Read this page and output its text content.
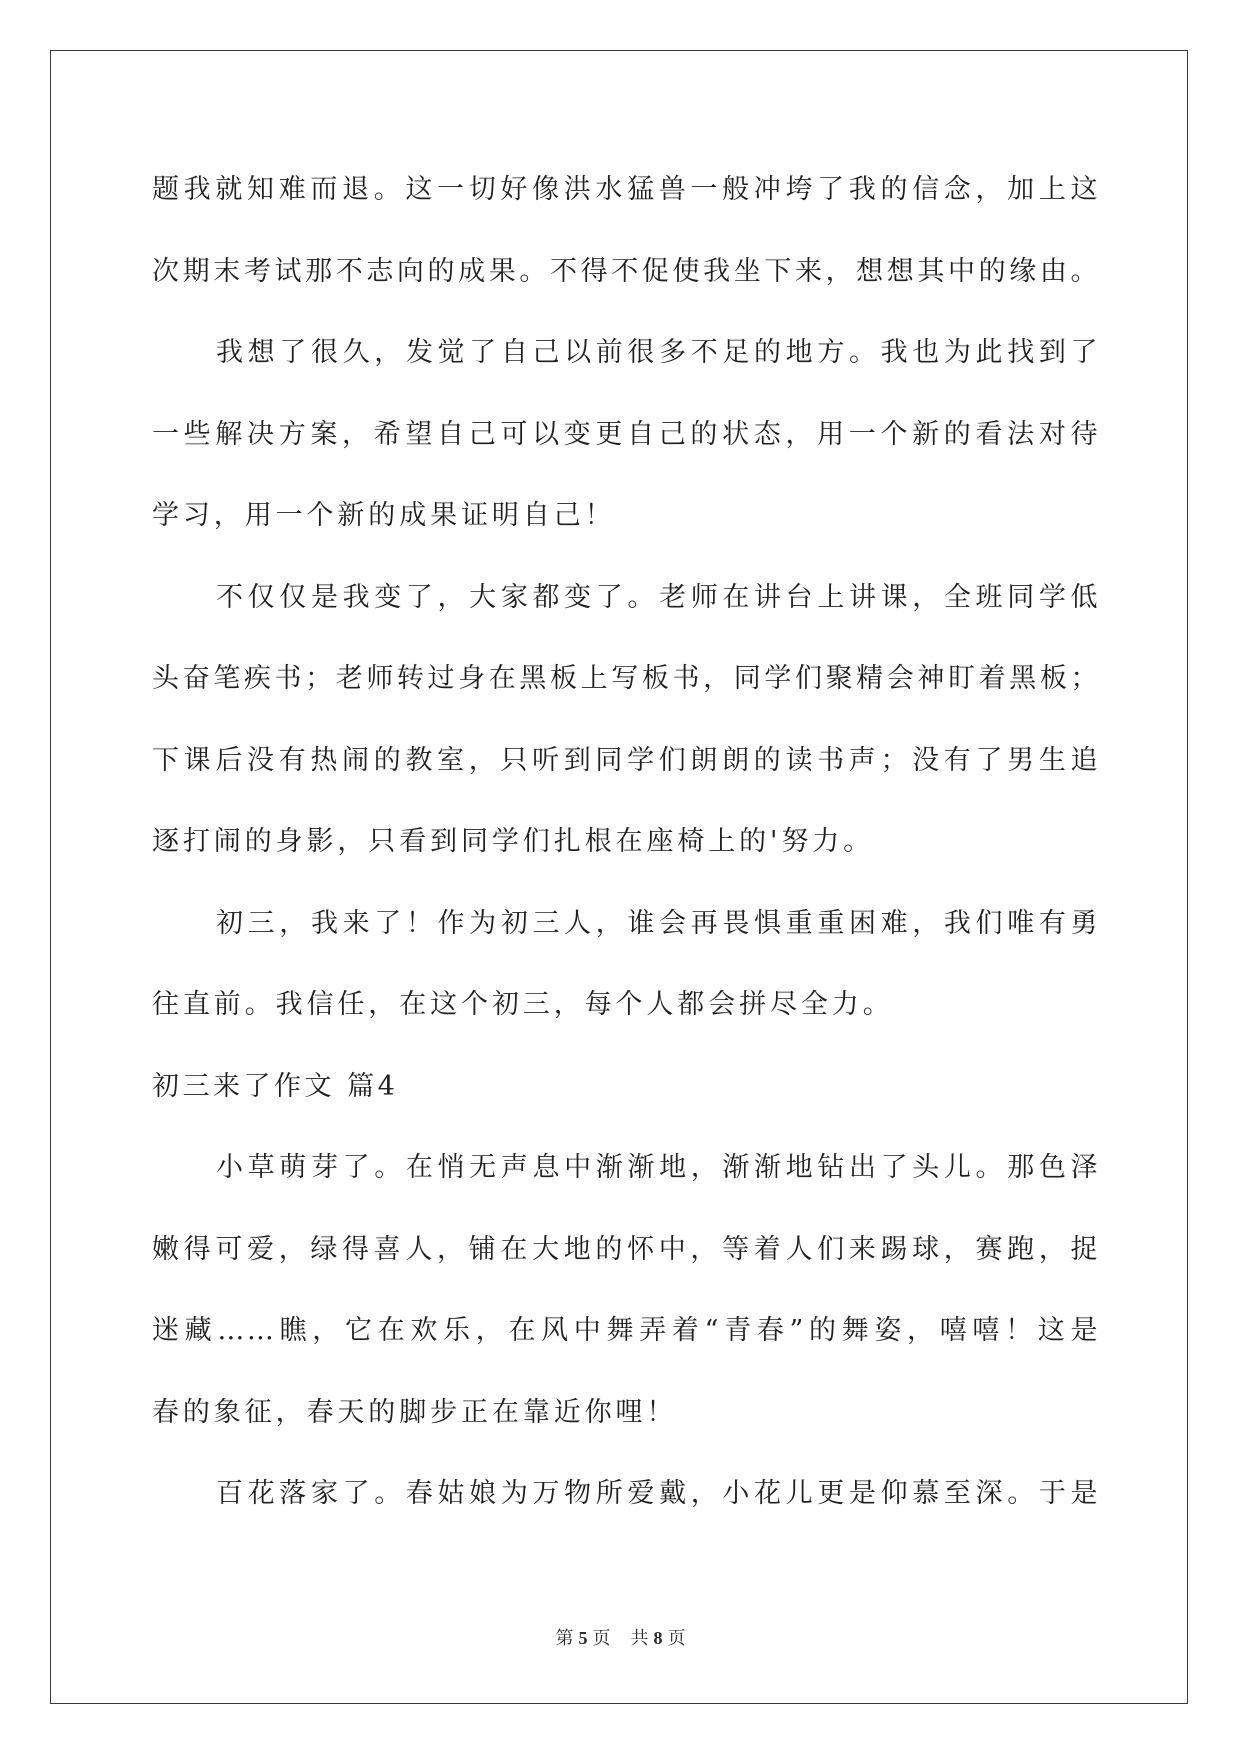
题我就知难而退。这一切好像洪水猛兽一般冲垮了我的信念，加上这
次期末考试那不志向的成果。不得不促使我坐下来，想想其中的缘由。
我想了很久，发觉了自己以前很多不足的地方。我也为此找到了
一些解决方案，希望自己可以变更自己的状态，用一个新的看法对待
学习，用一个新的成果证明自己！
不仅仅是我变了，大家都变了。老师在讲台上讲课，全班同学低
头奋笔疾书；老师转过身在黑板上写板书，同学们聚精会神盯着黑板；
下课后没有热闹的教室，只听到同学们朗朗的读书声；没有了男生追
逐打闹的身影，只看到同学们扎根在座椅上的'努力。
初三，我来了！作为初三人，谁会再畏惧重重困难，我们唯有勇
往直前。我信任，在这个初三，每个人都会拼尽全力。
初三来了作文 篇4
小草萌芽了。在悄无声息中渐渐地，渐渐地钻出了头儿。那色泽
嫩得可爱，绿得喜人，铺在大地的怀中，等着人们来踢球，赛跑，捉
迷藏……瞧，它在欢乐，在风中舞弄着“青春”的舞姿，嘻嘻！这是
春的象征，春天的脚步正在靠近你哩！
百花落家了。春姑娘为万物所爱戴，小花儿更是仰慕至深。于是
第 5 页 共 8 页
